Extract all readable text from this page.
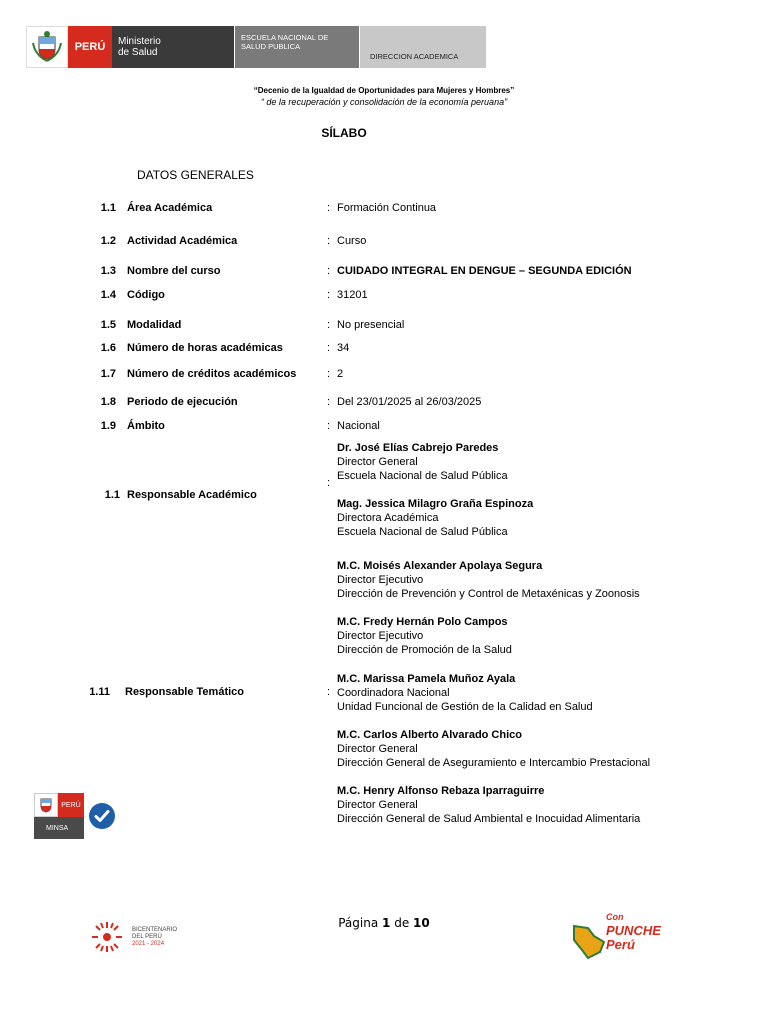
PERÚ	Ministerio
de Salud
ESCUELA NACIONAL DE
SALUD PUBLICA
DIRECCION ACADEMICA
“Decenio de la Igualdad de Oportunidades para Mujeres y Hombres”
“ de la recuperación y consolidación de la economía peruana”
SÍLABO
DATOS GENERALES
1.1 Área Académica	: Formación Continua
1.2 Actividad Académica	: Curso
1.3 Nombre del curso	: CUIDADO INTEGRAL EN DENGUE – SEGUNDA EDICIÓN
1.4 Código	: 31201
1.5 Modalidad	: No presencial
1.6 Número de horas académicas	: 34
1.7 Número de créditos académicos	: 2
1.8 Periodo de ejecución	: Del 23/01/2025 al 26/03/2025
1.9 Ámbito	: Nacional
1.1 Responsable Académico
:
Dr. José Elías Cabrejo Paredes
Director General
Escuela Nacional de Salud Pública
Mag. Jessica Milagro Graña Espinoza
Directora Académica
Escuela Nacional de Salud Pública
1.11 Responsable Temático	:
M.C. Moisés Alexander Apolaya Segura
Director Ejecutivo
Dirección de Prevención y Control de Metaxénicas y Zoonosis
M.C. Fredy Hernán Polo Campos
Director Ejecutivo
Dirección de Promoción de la Salud
M.C. Marissa Pamela Muñoz Ayala
Coordinadora Nacional
Unidad Funcional de Gestión de la Calidad en Salud
M.C. Carlos Alberto Alvarado Chico
Director General
Dirección General de Aseguramiento e Intercambio Prestacional
M.C. Henry Alfonso Rebaza Iparraguirre
Director General
Dirección General de Salud Ambiental e Inocuidad Alimentaria
PERÚ
MINSA
Página 1 de 10
BICENTENARIO
DEL PERÚ
2021 - 2024
Con
PUNCHE
Perú
